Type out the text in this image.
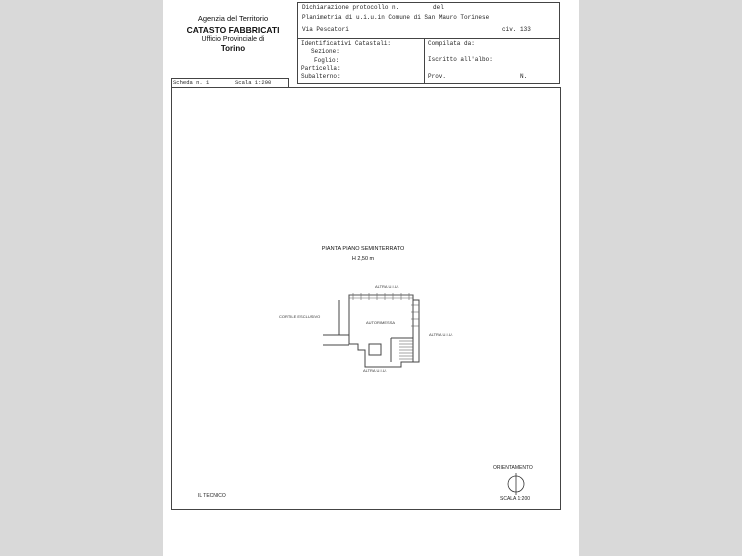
Agenzia del Territorio
CATASTO FABBRICATI
Ufficio Provinciale di
Torino
Dichiarazione protocollo n.	del
Planimetria di u.i.u.in Comune di San Mauro Torinese
Via Pescatori	civ. 133
Identificativi Catastali:
Sezione:
Foglio:
Particella:
Subalterno:
Compilata da:
Iscritto all'albo:
Prov.	N.
Scheda n. 1	Scala 1:200
PIANTA PIANO SEMINTERRATO
H 2,50 m
ALTRA U.I.U.
CORTILE ESCLUSIVO
AUTORIMESSA
ALTRA U.I.U.
ALTRA U.I.U.
IL TECNICO
ORIENTAMENTO
SCALA 1:200
